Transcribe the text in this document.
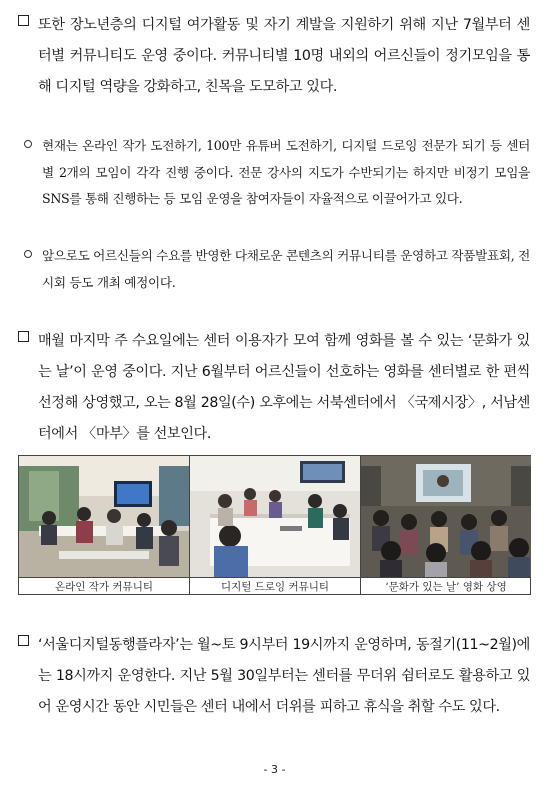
또한 장노년층의 디지털 여가활동 및 자기 계발을 지원하기 위해 지난 7월부터 센터별 커뮤니티도 운영 중이다. 커뮤니티별 10명 내외의 어르신들이 정기모임을 통해 디지털 역량을 강화하고, 친목을 도모하고 있다.
현재는 온라인 작가 도전하기, 100만 유튜버 도전하기, 디지털 드로잉 전문가 되기 등 센터별 2개의 모임이 각각 진행 중이다. 전문 강사의 지도가 수반되기는 하지만 비정기 모임을 SNS를 통해 진행하는 등 모임 운영을 참여자들이 자율적으로 이끌어가고 있다.
앞으로도 어르신들의 수요를 반영한 다채로운 콘텐츠의 커뮤니티를 운영하고 작품발표회, 전시회 등도 개최 예정이다.
매월 마지막 주 수요일에는 센터 이용자가 모여 함께 영화를 볼 수 있는 ‘문화가 있는 날’이 운영 중이다. 지난 6월부터 어르신들이 선호하는 영화를 센터별로 한 편씩 선정해 상영했고, 오는 8월 28일(수) 오후에는 서북센터에서 〈국제시장〉, 서남센터에서 〈마부〉를 선보인다.
온라인 작가 커뮤니티	디지털 드로잉 커뮤니티	‘문화가 있는 날’ 영화 상영
‘서울디지털동행플라자’는 월~토 9시부터 19시까지 운영하며, 동절기(11~2월)에는 18시까지 운영한다. 지난 5월 30일부터는 센터를 무더위 쉼터로도 활용하고 있어 운영시간 동안 시민들은 센터 내에서 더위를 피하고 휴식을 취할 수도 있다.
- 3 -
